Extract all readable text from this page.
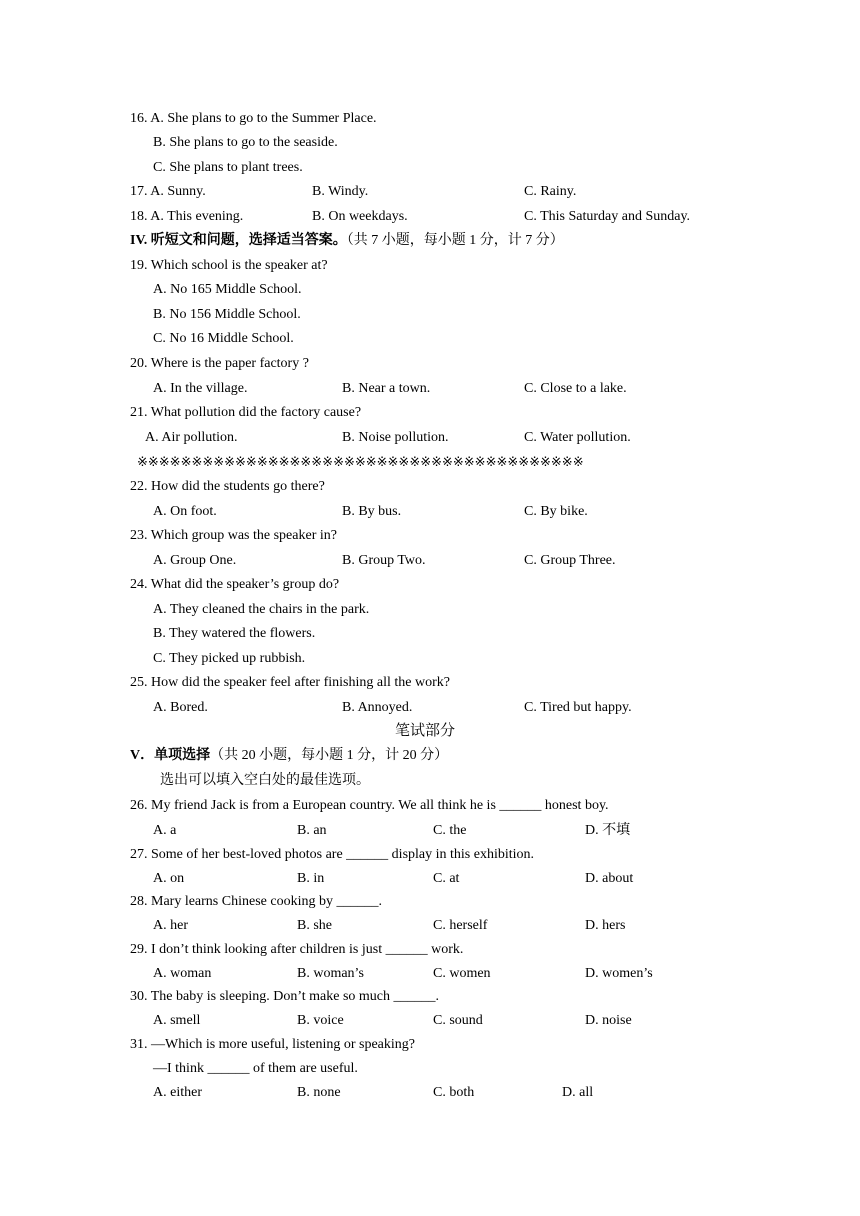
16. A. She plans to go to the Summer Place.
B. She plans to go to the seaside.
C. She plans to plant trees.
17. A. Sunny.	B. Windy.	C. Rainy.
18. A. This evening.	B. On weekdays.	C. This Saturday and Sunday.
IV. 听短文和问题，选择适当答案。（共 7 小题，每小题 1 分，计 7 分）
19. Which school is the speaker at?
A. No 165 Middle School.
B. No 156 Middle School.
C. No 16 Middle School.
20. Where is the paper factory ?
A. In the village.	B. Near a town.	C. Close to a lake.
21. What pollution did the factory cause?
A. Air pollution.	B. Noise pollution.	C. Water pollution.
※※※※※※※※※※※※※※※※※※※※※※※※※※※※※※※※※※※※※※※※※
22. How did the students go there?
A. On foot.	B. By bus.	C. By bike.
23. Which group was the speaker in?
A. Group One.	B. Group Two.	C. Group Three.
24. What did the speaker’s group do?
A. They cleaned the chairs in the park.
B. They watered the flowers.
C. They picked up rubbish.
25. How did the speaker feel after finishing all the work?
A. Bored.	B. Annoyed.	C. Tired but happy.
笔试部分
V．单项选择（共 20 小题，每小题 1 分，计 20 分）
选出可以填入空白处的最佳选项。
26. My friend Jack is from a European country. We all think he is ______ honest boy.
A. a	B. an	C. the	D. 不填
27. Some of her best-loved photos are ______ display in this exhibition.
A. on	B. in	C. at	D. about
28. Mary learns Chinese cooking by ______.
A. her	B. she	C. herself	D. hers
29. I don’t think looking after children is just ______ work.
A. woman	B. woman’s	C. women	D. women’s
30. The baby is sleeping. Don’t make so much ______.
A. smell	B. voice	C. sound	D. noise
31. —Which is more useful, listening or speaking?
—I think ______ of them are useful.
A. either	B. none	C. both	D. all
